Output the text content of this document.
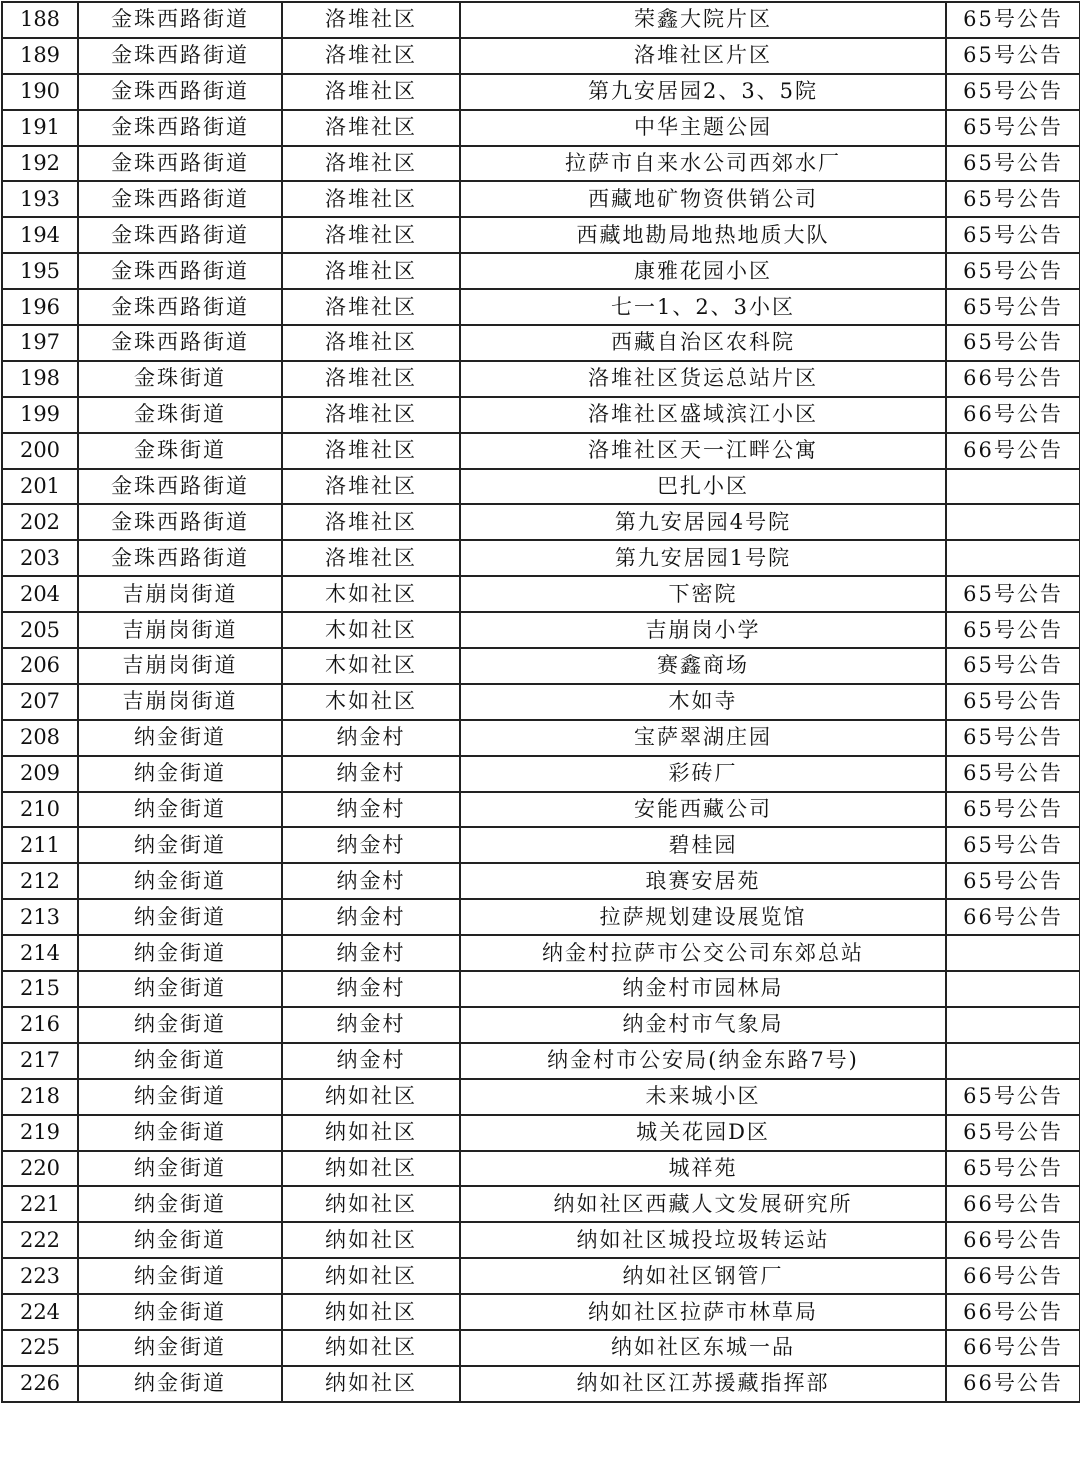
188	金珠西路街道	洛堆社区	荣鑫大院片区	65号公告
189	金珠西路街道	洛堆社区	洛堆社区片区	65号公告
190	金珠西路街道	洛堆社区	第九安居园2、3、5院	65号公告
191	金珠西路街道	洛堆社区	中华主题公园	65号公告
192	金珠西路街道	洛堆社区	拉萨市自来水公司西郊水厂	65号公告
193	金珠西路街道	洛堆社区	西藏地矿物资供销公司	65号公告
194	金珠西路街道	洛堆社区	西藏地勘局地热地质大队	65号公告
195	金珠西路街道	洛堆社区	康雅花园小区	65号公告
196	金珠西路街道	洛堆社区	七一1、2、3小区	65号公告
197	金珠西路街道	洛堆社区	西藏自治区农科院	65号公告
198	金珠街道	洛堆社区	洛堆社区货运总站片区	66号公告
199	金珠街道	洛堆社区	洛堆社区盛域滨江小区	66号公告
200	金珠街道	洛堆社区	洛堆社区天一江畔公寓	66号公告
201	金珠西路街道	洛堆社区	巴扎小区	
202	金珠西路街道	洛堆社区	第九安居园4号院	
203	金珠西路街道	洛堆社区	第九安居园1号院	
204	吉崩岗街道	木如社区	下密院	65号公告
205	吉崩岗街道	木如社区	吉崩岗小学	65号公告
206	吉崩岗街道	木如社区	赛鑫商场	65号公告
207	吉崩岗街道	木如社区	木如寺	65号公告
208	纳金街道	纳金村	宝萨翠湖庄园	65号公告
209	纳金街道	纳金村	彩砖厂	65号公告
210	纳金街道	纳金村	安能西藏公司	65号公告
211	纳金街道	纳金村	碧桂园	65号公告
212	纳金街道	纳金村	琅赛安居苑	65号公告
213	纳金街道	纳金村	拉萨规划建设展览馆	66号公告
214	纳金街道	纳金村	纳金村拉萨市公交公司东郊总站	
215	纳金街道	纳金村	纳金村市园林局	
216	纳金街道	纳金村	纳金村市气象局	
217	纳金街道	纳金村	纳金村市公安局(纳金东路7号)	
218	纳金街道	纳如社区	未来城小区	65号公告
219	纳金街道	纳如社区	城关花园D区	65号公告
220	纳金街道	纳如社区	城祥苑	65号公告
221	纳金街道	纳如社区	纳如社区西藏人文发展研究所	66号公告
222	纳金街道	纳如社区	纳如社区城投垃圾转运站	66号公告
223	纳金街道	纳如社区	纳如社区钢管厂	66号公告
224	纳金街道	纳如社区	纳如社区拉萨市林草局	66号公告
225	纳金街道	纳如社区	纳如社区东城一品	66号公告
226	纳金街道	纳如社区	纳如社区江苏援藏指挥部	66号公告
